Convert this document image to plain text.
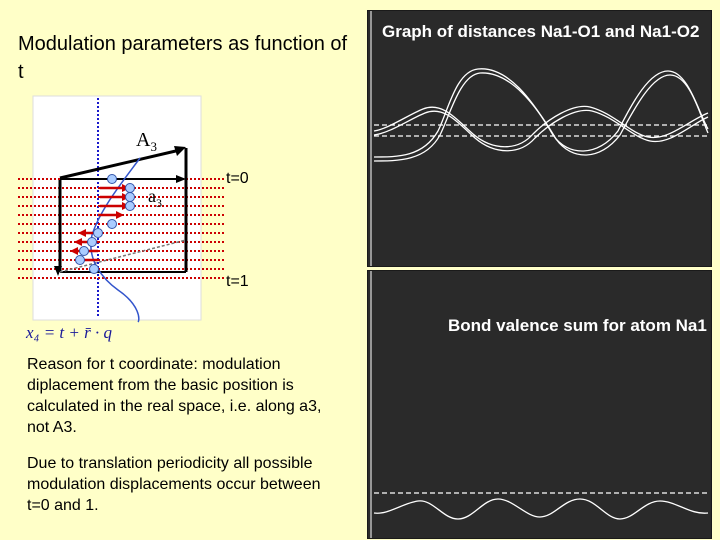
Modulation parameters as function of t
$A_3$
$a_3$
x₄ = t + r̄ · q
t=0
t=1
Reason for t coordinate: modulation diplacement from the basic position is calculated in the real space, i.e. along a3, not A3.
Due to translation periodicity all possible modulation displacements occur between t=0 and 1.
Graph of distances Na1-O1 and Na1-O2
Bond valence sum for atom Na1
